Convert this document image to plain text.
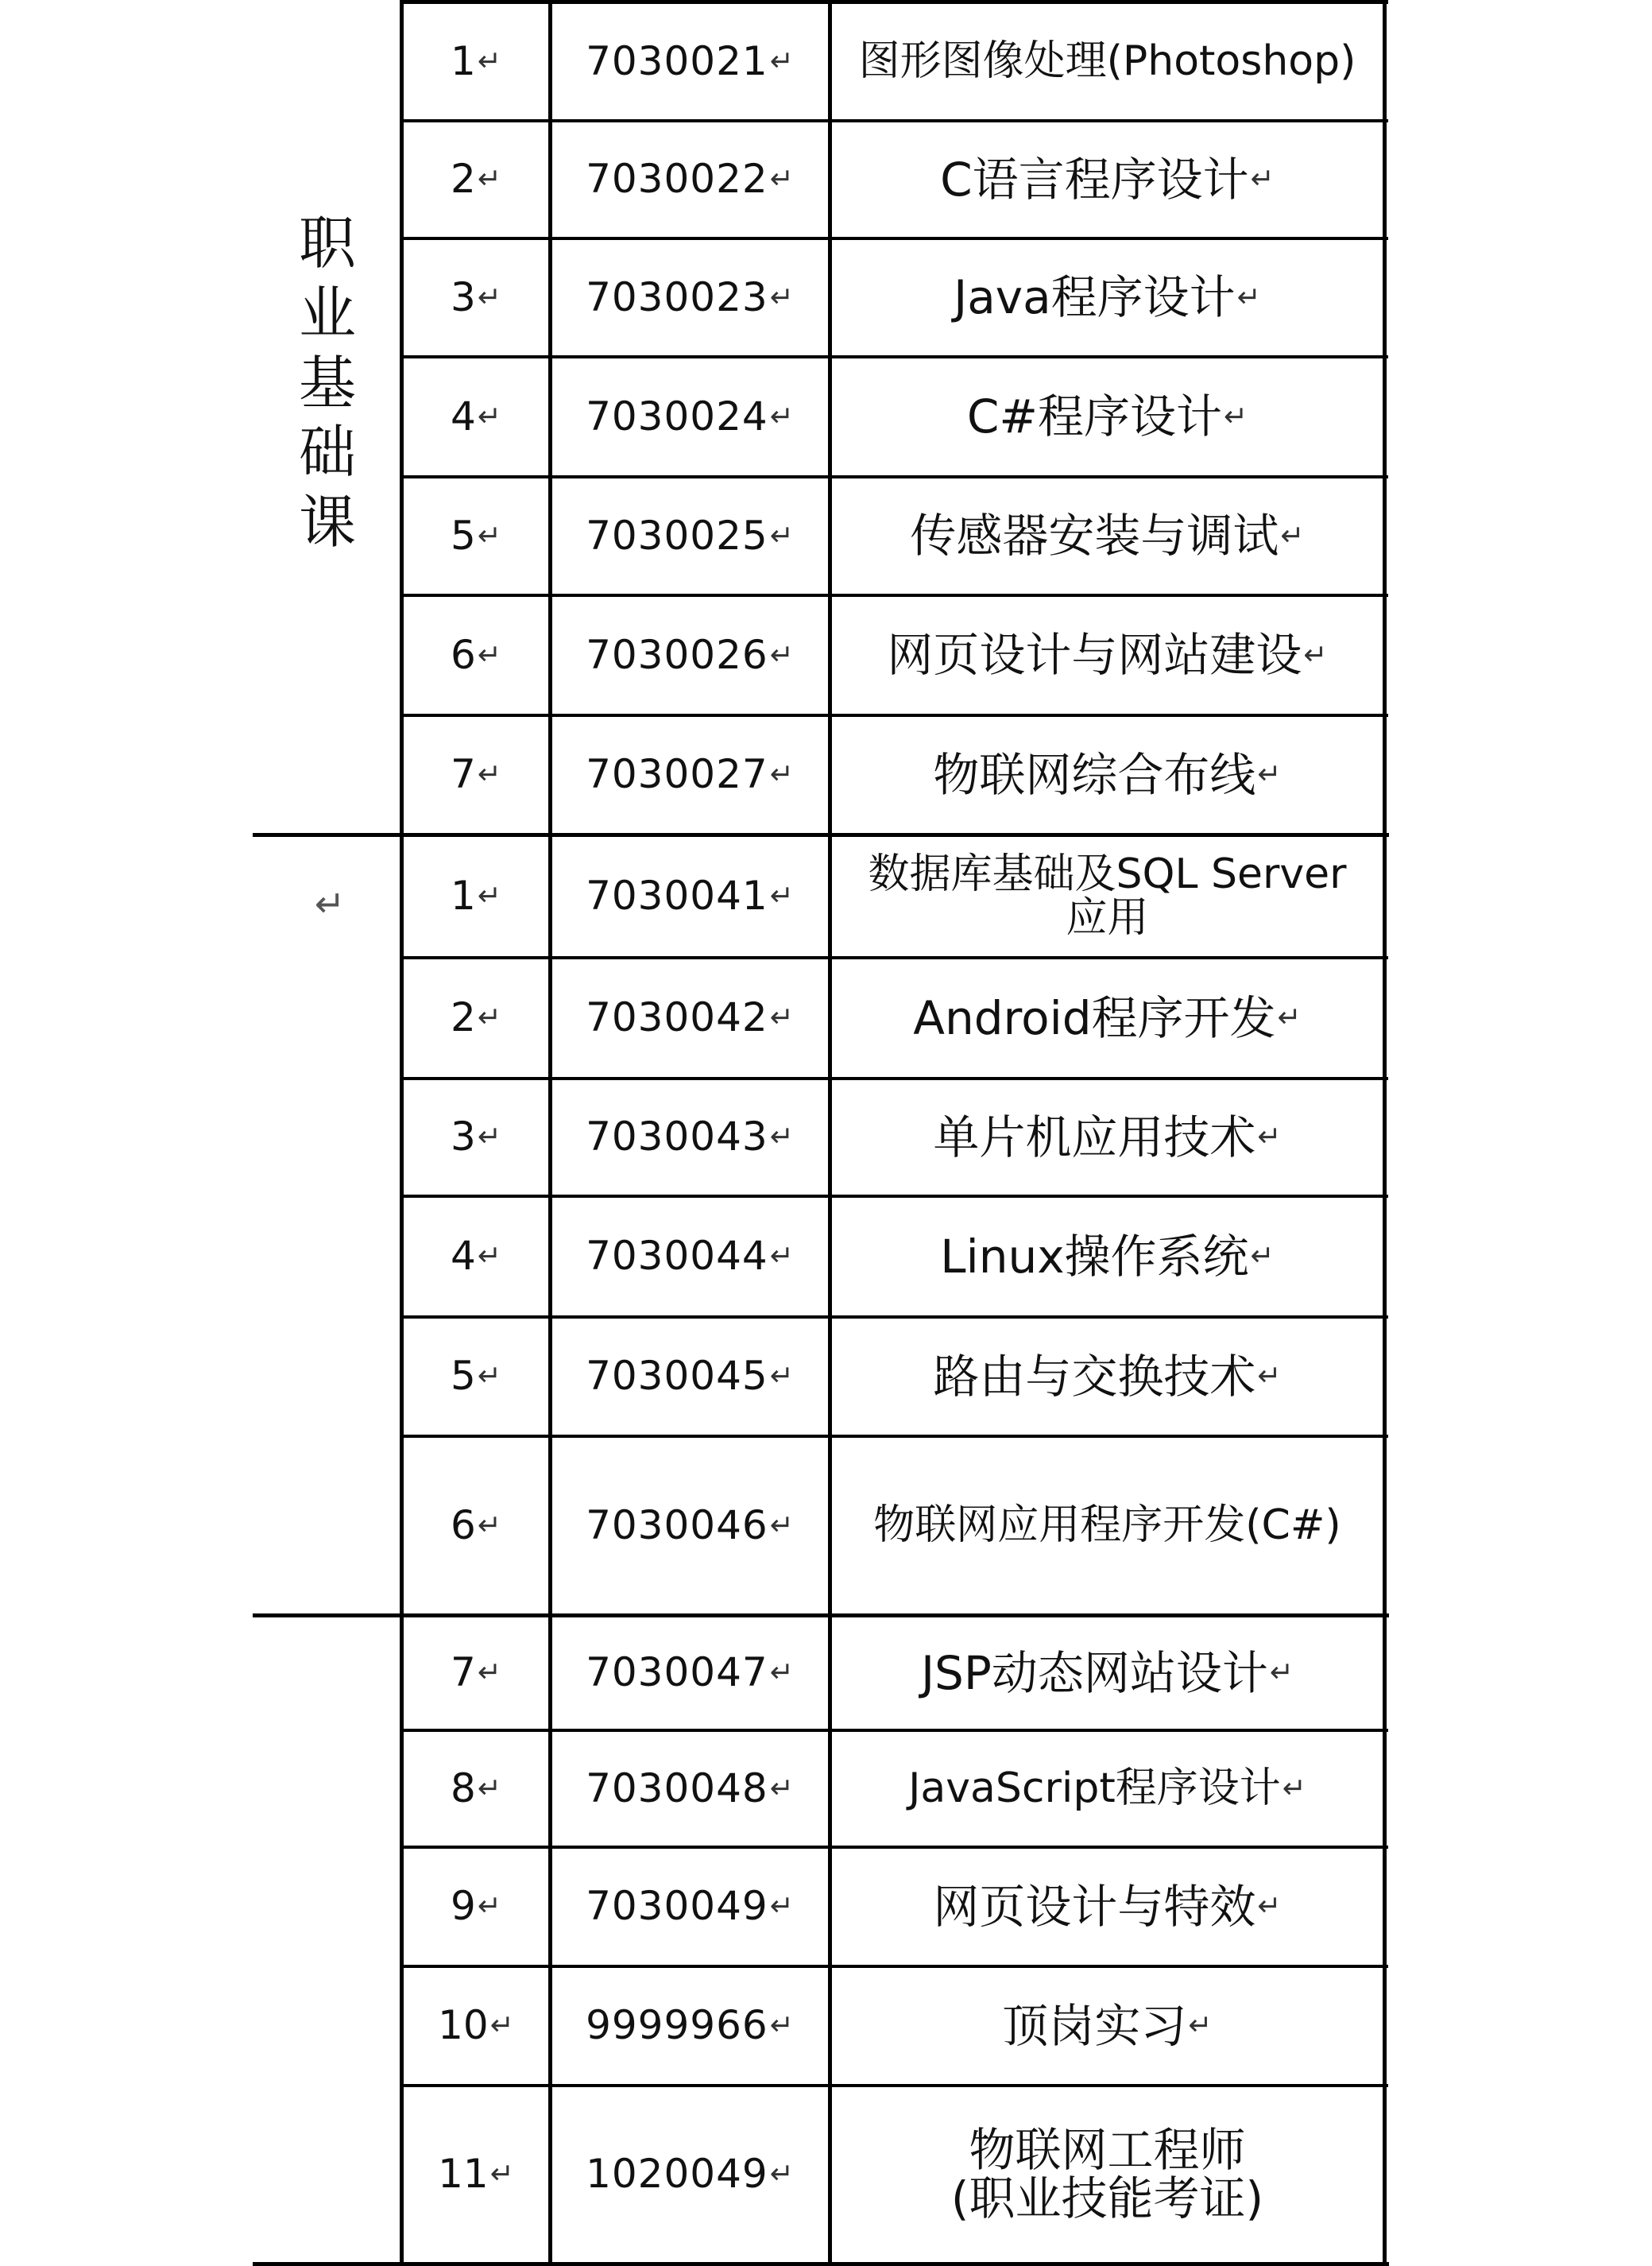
职
业
基
础
课
↵
1 ↵ 7030021 ↵ 图形图像处理(Photoshop)
2 ↵ 7030022 ↵	C语言程序设计 ↵
3 ↵ 7030023 ↵	Java程序设计 ↵
4 ↵ 7030024 ↵	C#程序设计 ↵
5 ↵ 7030025 ↵	传感器安装与调试 ↵
6 ↵ 7030026 ↵ 网页设计与网站建设 ↵
7 ↵ 7030027 ↵	物联网综合布线 ↵
1 ↵ 7030041 ↵ 数据库基础及SQL Server
应用
2 ↵ 7030042 ↵	Android程序开发 ↵
3 ↵ 7030043 ↵	单片机应用技术 ↵
4 ↵ 7030044 ↵	Linux操作系统 ↵
5 ↵ 7030045 ↵	路由与交换技术 ↵
6 ↵ 7030046 ↵ 物联网应用程序开发(C#)
7 ↵ 7030047 ↵	JSP动态网站设计 ↵
8 ↵ 7030048 ↵	JavaScript程序设计 ↵
9 ↵ 7030049 ↵	网页设计与特效 ↵
10 ↵ 9999966 ↵	顶岗实习 ↵
11 ↵ 1020049 ↵	物联网工程师
(职业技能考证)
